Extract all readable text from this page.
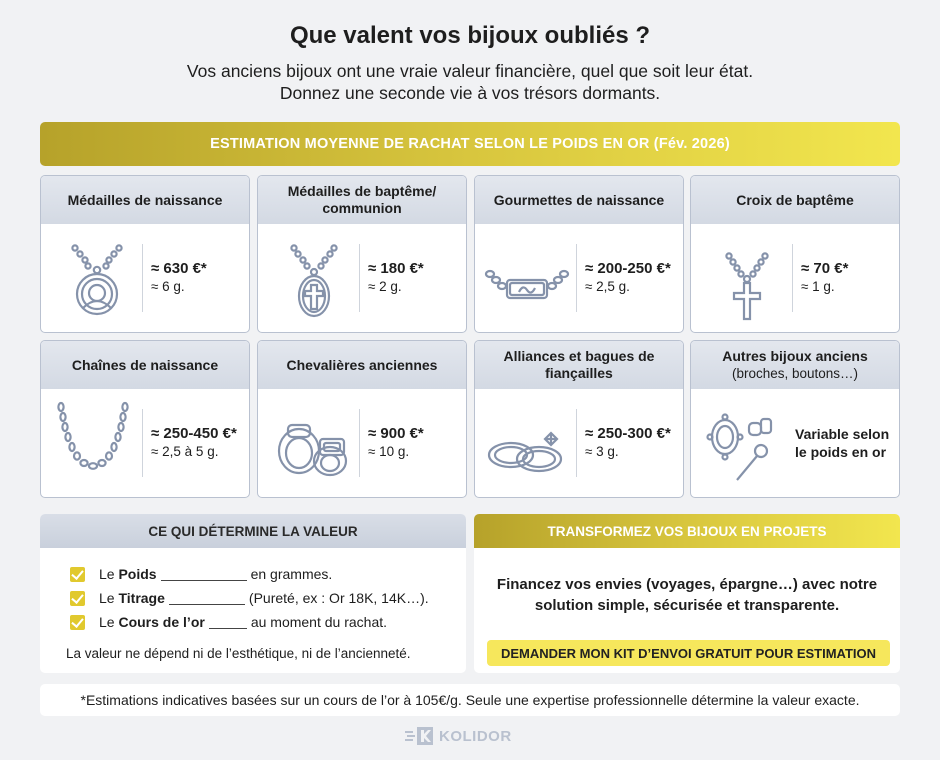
Que valent vos bijoux oubliés ?
Vos anciens bijoux ont une vraie valeur financière, quel que soit leur état.
Donnez une seconde vie à vos trésors dormants.
ESTIMATION MOYENNE DE RACHAT SELON LE POIDS EN OR (Fév. 2026)
Médailles de naissance
≈ 630 €*
≈ 6 g.
Médailles de baptême/ communion
≈ 180 €*
≈ 2 g.
Gourmettes de naissance
≈ 200-250 €*
≈ 2,5 g.
Croix de baptême
≈ 70 €*
≈ 1 g.
Chaînes de naissance
≈ 250-450 €*
≈ 2,5 à 5 g.
Chevalières anciennes
≈ 900 €*
≈ 10 g.
Alliances et bagues de fiançailles
≈ 250-300 €*
≈ 3 g.
Autres bijoux anciens
(broches, boutons…)
Variable selon le poids en or
CE QUI DÉTERMINE LA VALEUR
Le Poids	en grammes.
Le Titrage	(Pureté, ex : Or 18K, 14K…).
Le Cours de l’or	au moment du rachat.
La valeur ne dépend ni de l’esthétique, ni de l’ancienneté.
TRANSFORMEZ VOS BIJOUX EN PROJETS
Financez vos envies (voyages, épargne…) avec notre
solution simple, sécurisée et transparente.
DEMANDER MON KIT D’ENVOI GRATUIT POUR ESTIMATION
*Estimations indicatives basées sur un cours de l’or à 105€/g. Seule une expertise professionnelle détermine la valeur exacte.
KOLIDOR
